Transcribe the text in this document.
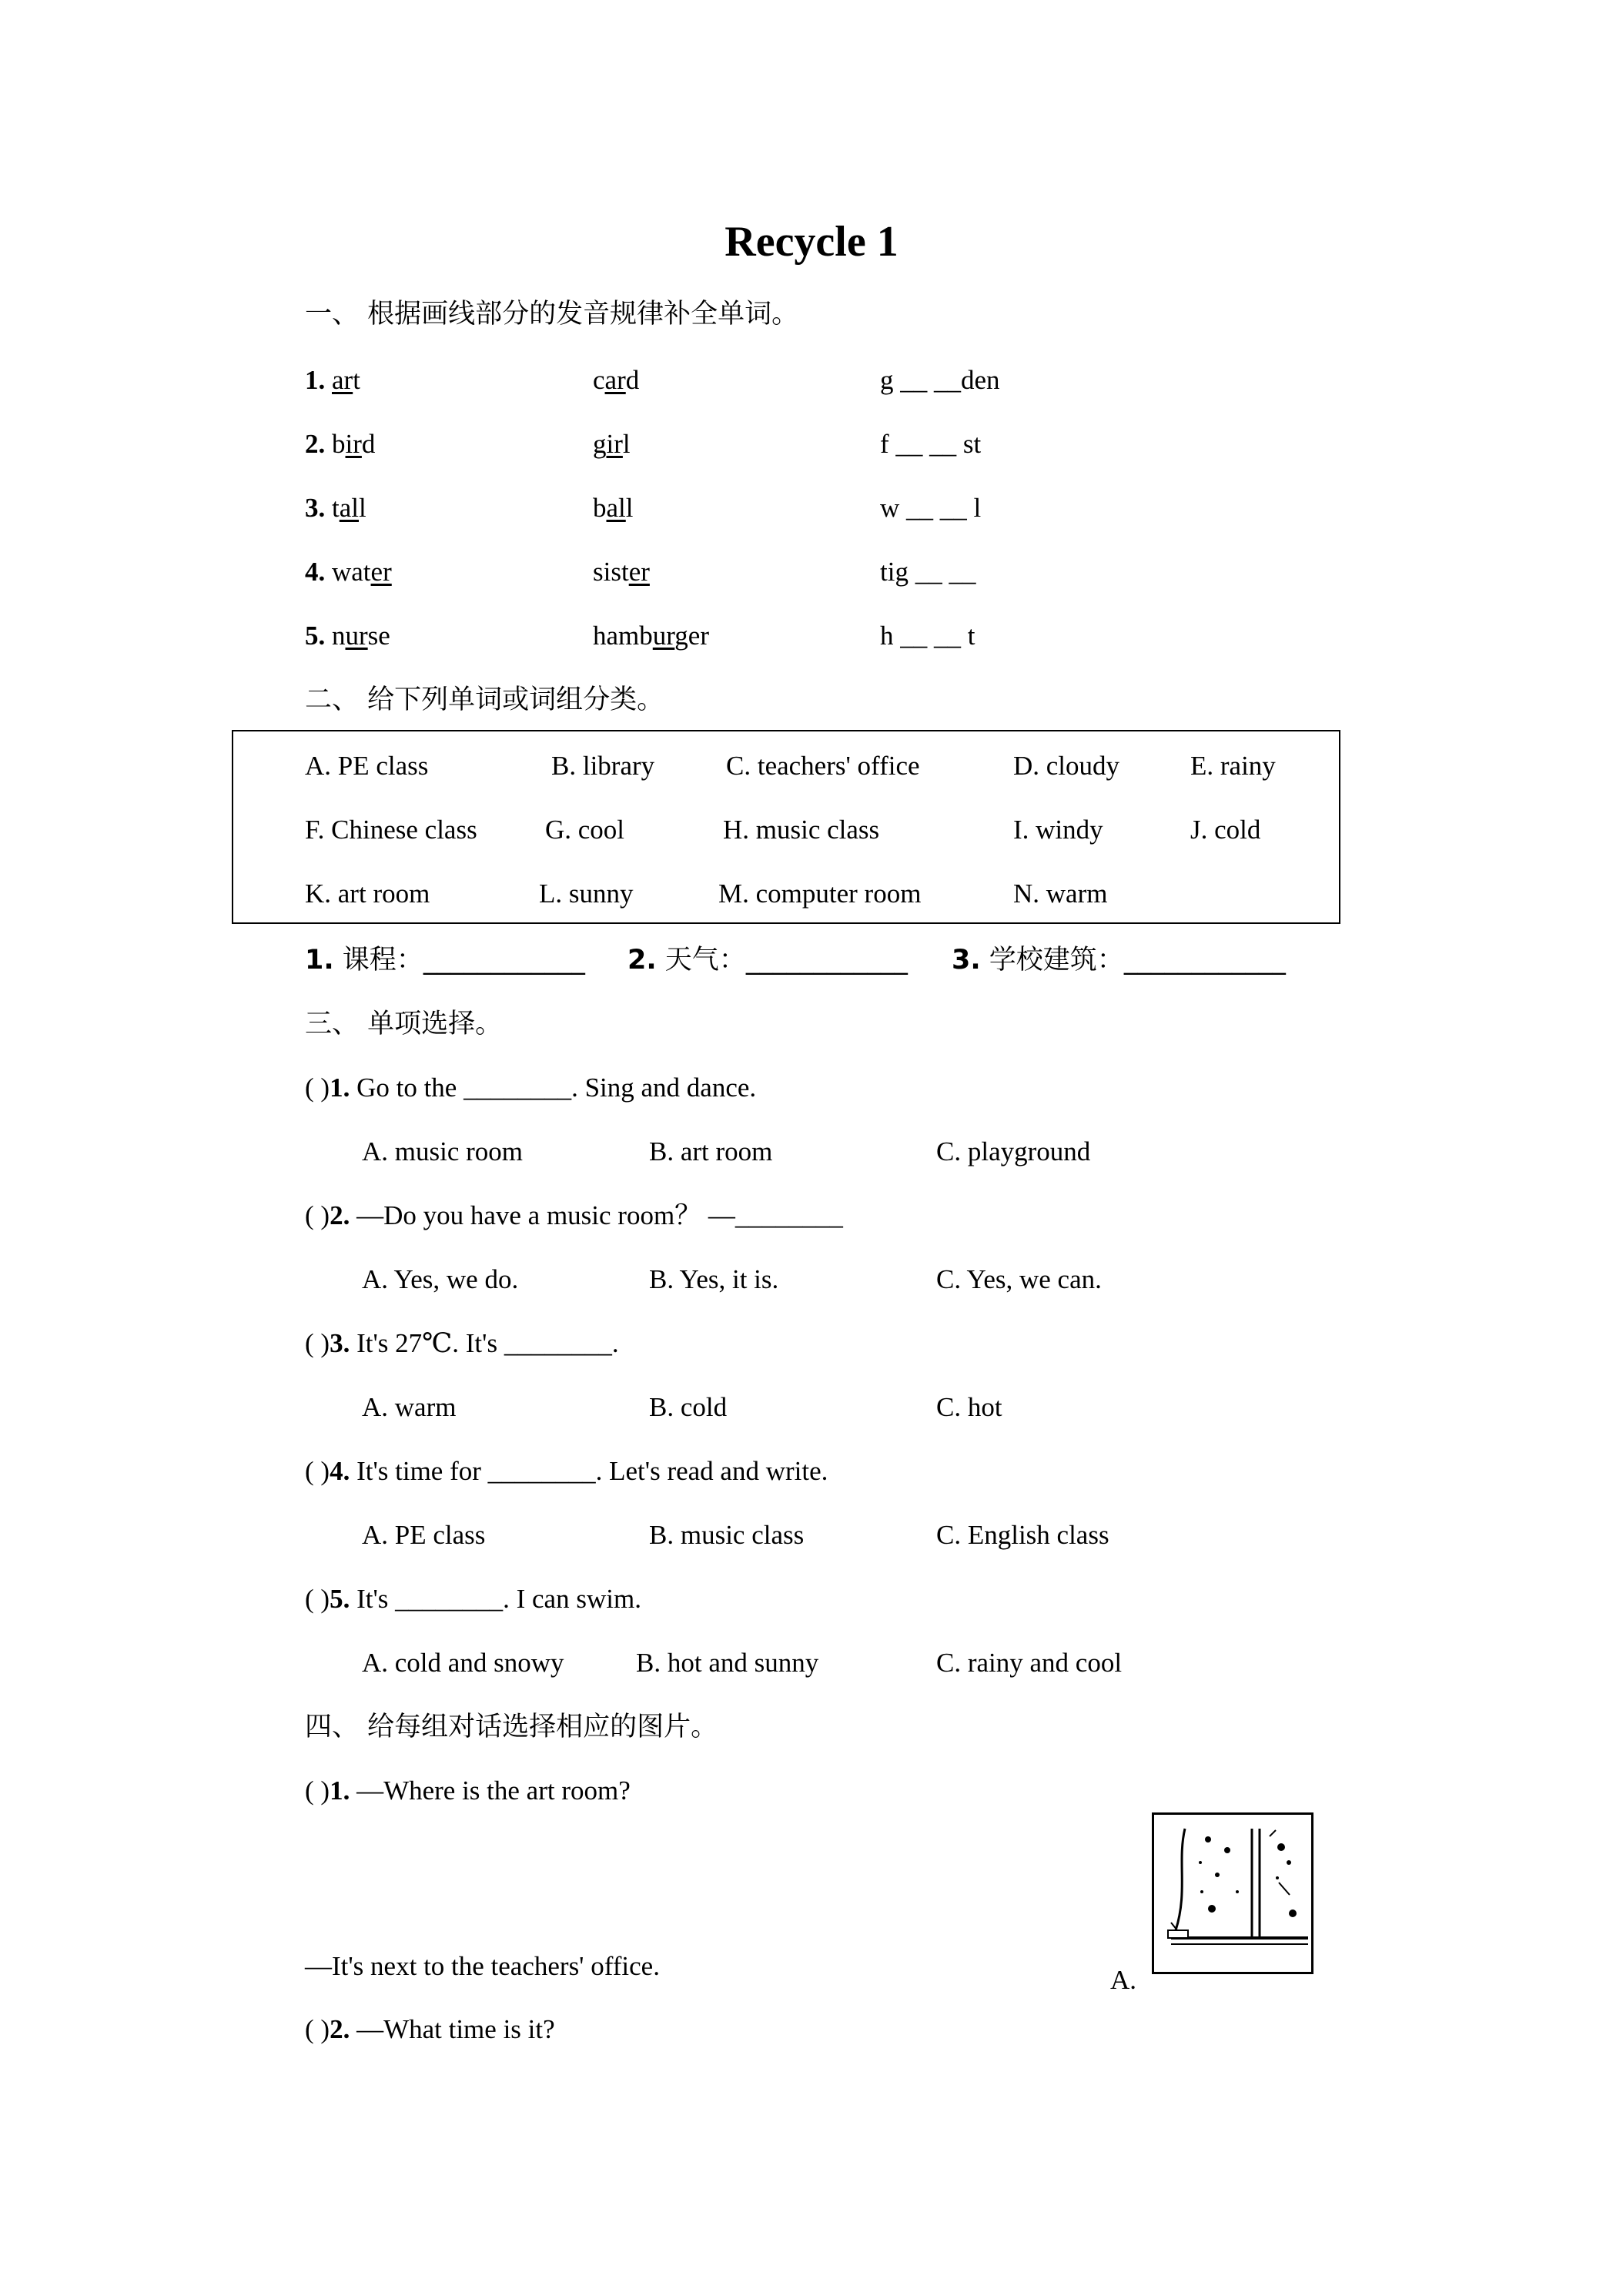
Recycle 1
一、 根据画线部分的发音规律补全单词。
1. art	card	g __ __den
2. bird	girl	f __ __ st
3. tall	ball	w __ __ l
4. water	sister	tig __ __
5. nurse	hamburger	h __ __ t
二、 给下列单词或词组分类。
A. PE class	B. library	C. teachers' office	D. cloudy	E. rainy
F. Chinese class	G. cool	H. music class	I. windy	J. cold
K. art room	L. sunny	M. computer room	N. warm
1. 课程：____________ 2. 天气：____________ 3. 学校建筑：____________
三、 单项选择。
( )1. Go to the ________. Sing and dance.
A. music room	B. art room	C. playground
( )2. —Do you have a music room？ —________
A. Yes, we do.	B. Yes, it is.	C. Yes, we can.
( )3. It's 27℃. It's ________.
A. warm	B. cold	C. hot
( )4. It's time for ________. Let's read and write.
A. PE class	B. music class	C. English class
( )5. It's ________. I can swim.
A. cold and snowy	B. hot and sunny	C. rainy and cool
四、 给每组对话选择相应的图片。
( )1. —Where is the art room?
—It's next to the teachers' office.	A.
( )2. —What time is it?
